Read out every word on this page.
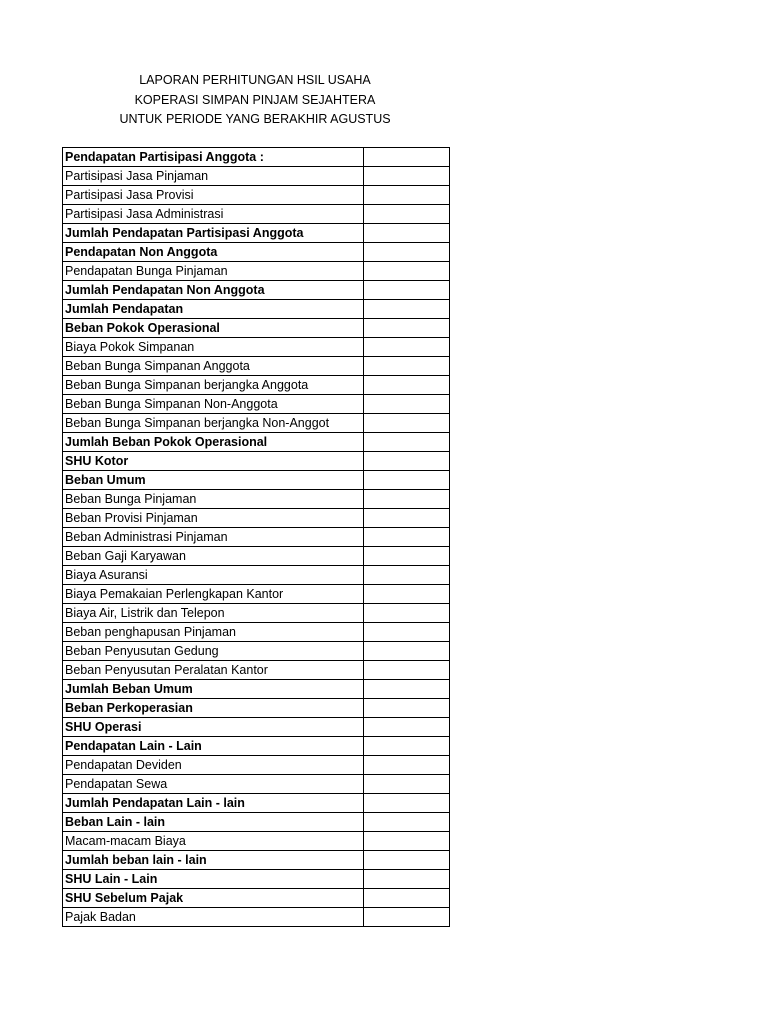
LAPORAN PERHITUNGAN HSIL USAHA
KOPERASI SIMPAN PINJAM SEJAHTERA
UNTUK PERIODE YANG BERAKHIR AGUSTUS
Pendapatan Partisipasi Anggota :	
Partisipasi Jasa Pinjaman	
Partisipasi Jasa Provisi	
Partisipasi Jasa Administrasi	
Jumlah Pendapatan Partisipasi Anggota	
Pendapatan Non Anggota	
Pendapatan Bunga Pinjaman	
Jumlah Pendapatan Non Anggota	
Jumlah Pendapatan	
Beban Pokok Operasional	
Biaya Pokok Simpanan	
Beban Bunga Simpanan Anggota	
Beban Bunga Simpanan berjangka Anggota	
Beban Bunga Simpanan Non-Anggota	
Beban Bunga Simpanan berjangka Non-Anggot	
Jumlah Beban Pokok Operasional	
SHU Kotor	
Beban Umum	
Beban Bunga Pinjaman	
Beban Provisi Pinjaman	
Beban Administrasi Pinjaman	
Beban Gaji Karyawan	
Biaya Asuransi	
Biaya Pemakaian Perlengkapan Kantor	
Biaya Air, Listrik dan Telepon	
Beban penghapusan Pinjaman	
Beban Penyusutan Gedung	
Beban Penyusutan Peralatan Kantor	
Jumlah Beban Umum	
Beban Perkoperasian	
SHU Operasi	
Pendapatan Lain - Lain	
Pendapatan Deviden	
Pendapatan Sewa	
Jumlah Pendapatan Lain - lain	
Beban Lain - lain	
Macam-macam Biaya	
Jumlah beban lain - lain	
SHU Lain - Lain	
SHU Sebelum Pajak	
Pajak Badan	
